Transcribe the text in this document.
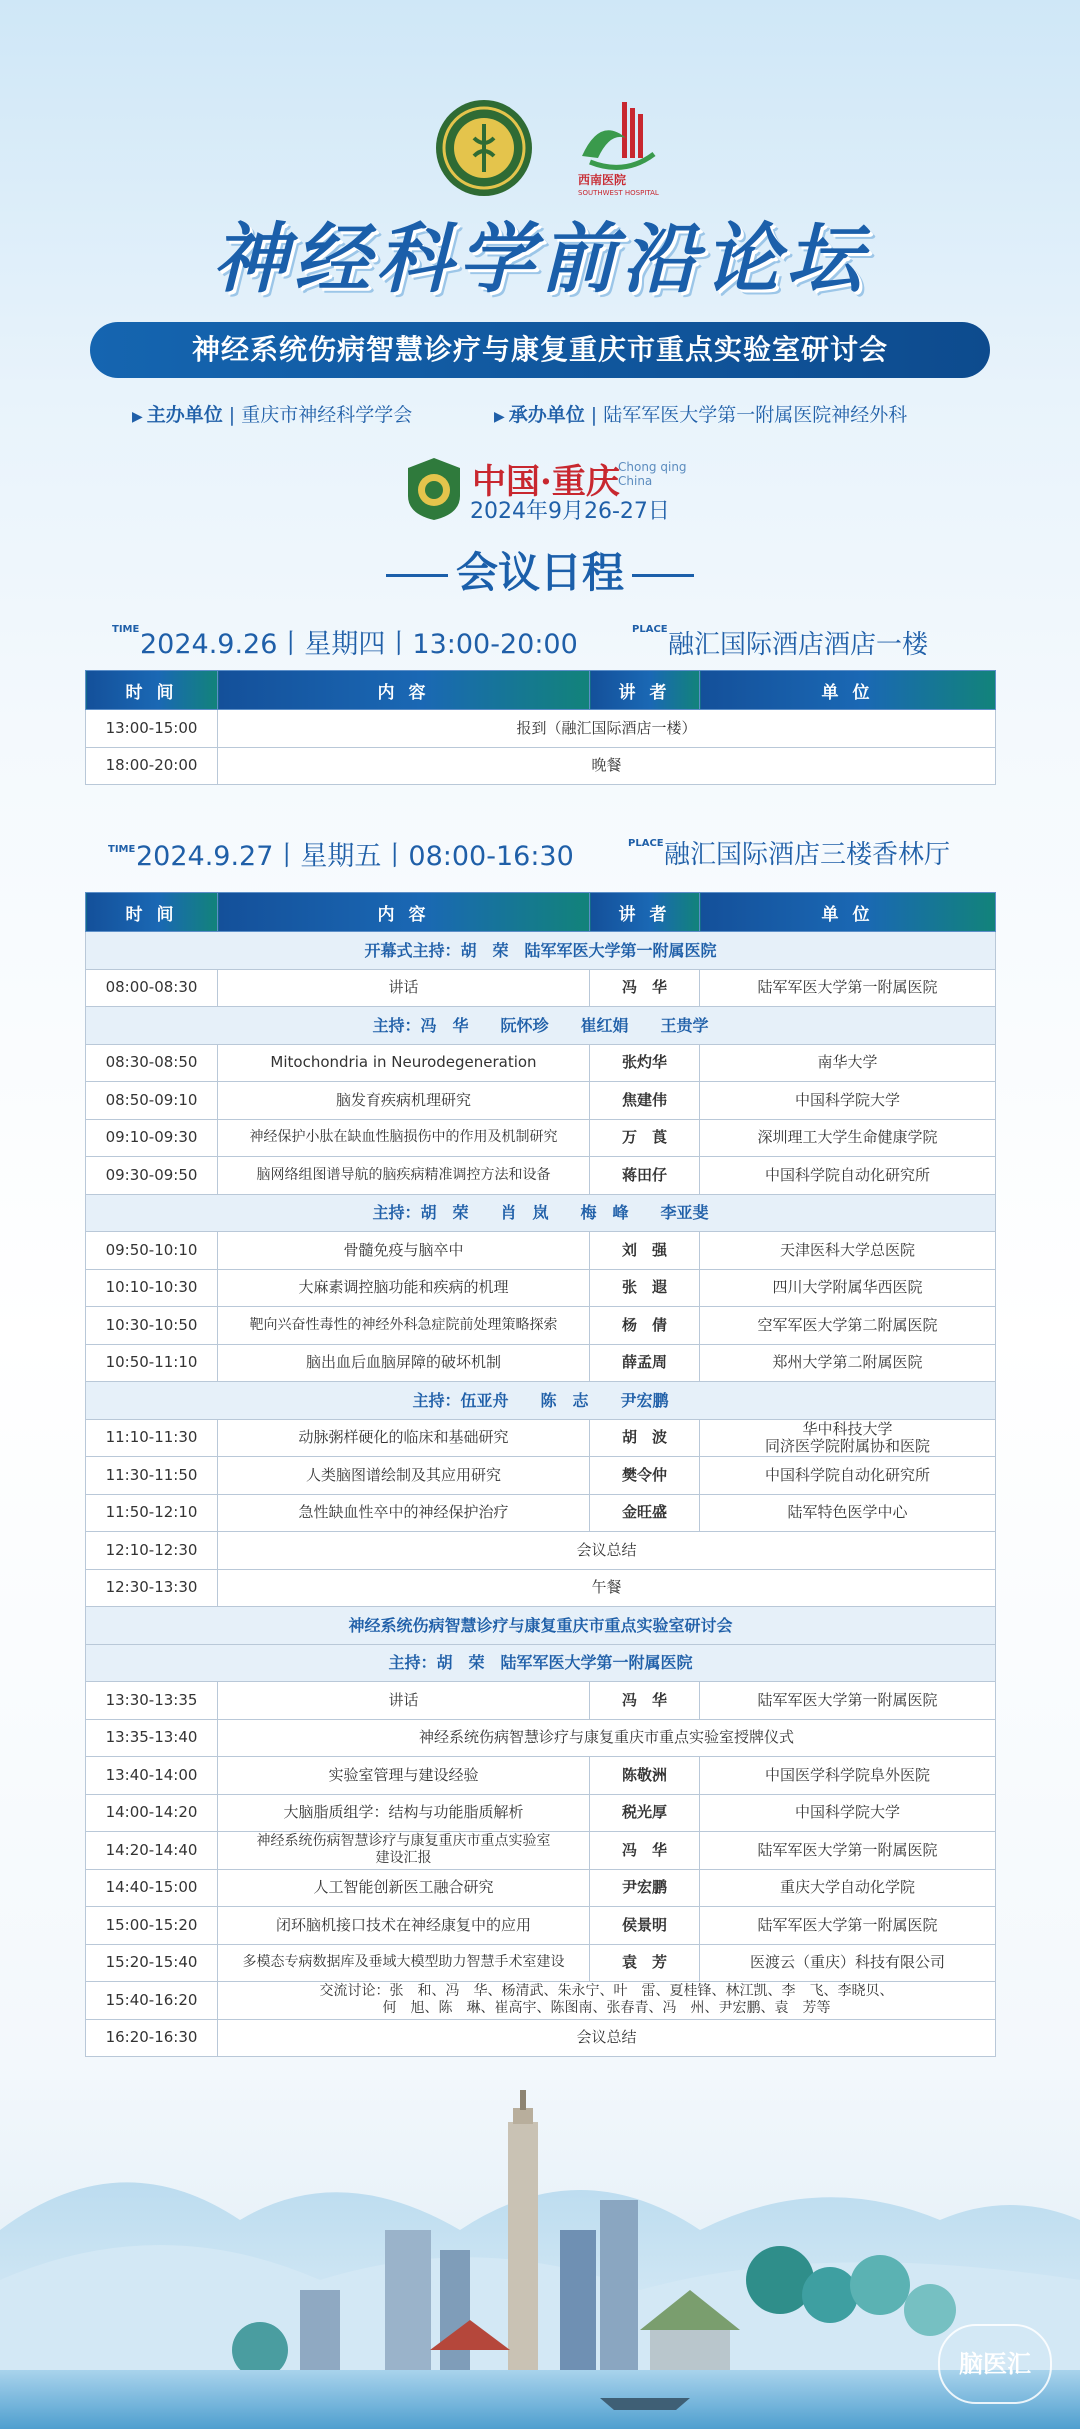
西南医院
SOUTHWEST HOSPITAL
神经科学前沿论坛
神经系统伤病智慧诊疗与康复重庆市重点实验室研讨会
▶ 主办单位 | 重庆市神经科学学会	▶ 承办单位 | 陆军军医大学第一附属医院神经外科
中国·重庆
Chong qing
China
2024年9月26-27日
会议日程
TIME 2024.9.26丨星期四丨13:00-20:00	PLACE
融汇国际酒店酒店一楼
时 间	内 容	讲 者	单 位
13:00-15:00	报到（融汇国际酒店一楼）		
18:00-20:00	晚餐		
TIME 2024.9.27丨星期五丨08:00-16:30	PLACE 融汇国际酒店三楼香林厅
时 间	内 容	讲 者	单 位
开幕式主持：胡　荣　陆军军医大学第一附属医院			
08:00-08:30	讲话	冯　华	陆军军医大学第一附属医院
主持：冯　华　　阮怀珍　　崔红娟　　王贵学			
08:30-08:50	Mitochondria in Neurodegeneration	张灼华	南华大学
08:50-09:10	脑发育疾病机理研究	焦建伟	中国科学院大学
09:10-09:30	神经保护小肽在缺血性脑损伤中的作用及机制研究	万　莨	深圳理工大学生命健康学院
09:30-09:50	脑网络组图谱导航的脑疾病精准调控方法和设备	蒋田仔	中国科学院自动化研究所
主持：胡　荣　　肖　岚　　梅　峰　　李亚斐			
09:50-10:10	骨髓免疫与脑卒中	刘　强	天津医科大学总医院
10:10-10:30	大麻素调控脑功能和疾病的机理	张　遐	四川大学附属华西医院
10:30-10:50	靶向兴奋性毒性的神经外科急症院前处理策略探索	杨　倩	空军军医大学第二附属医院
10:50-11:10	脑出血后血脑屏障的破坏机制	薛孟周	郑州大学第二附属医院
主持：伍亚舟　　陈　志　　尹宏鹏			
11:10-11:30	动脉粥样硬化的临床和基础研究	胡　波	华中科技大学
同济医学院附属协和医院
11:30-11:50	人类脑图谱绘制及其应用研究	樊令仲	中国科学院自动化研究所
11:50-12:10	急性缺血性卒中的神经保护治疗	金旺盛	陆军特色医学中心
12:10-12:30	会议总结		
12:30-13:30	午餐		
神经系统伤病智慧诊疗与康复重庆市重点实验室研讨会			
主持：胡　荣　陆军军医大学第一附属医院			
13:30-13:35	讲话	冯　华	陆军军医大学第一附属医院
13:35-13:40	神经系统伤病智慧诊疗与康复重庆市重点实验室授牌仪式		
13:40-14:00	实验室管理与建设经验	陈敬洲	中国医学科学院阜外医院
14:00-14:20	大脑脂质组学：结构与功能脂质解析	税光厚	中国科学院大学
14:20-14:40	神经系统伤病智慧诊疗与康复重庆市重点实验室
建设汇报	冯　华	陆军军医大学第一附属医院
14:40-15:00	人工智能创新医工融合研究	尹宏鹏	重庆大学自动化学院
15:00-15:20	闭环脑机接口技术在神经康复中的应用	侯景明	陆军军医大学第一附属医院
15:20-15:40	多模态专病数据库及垂域大模型助力智慧手术室建设	袁　芳	医渡云（重庆）科技有限公司
15:40-16:20	交流讨论：张　和、冯　华、杨清武、朱永宁、叶　雷、夏桂锋、林江凯、李　飞、李晓贝、
何　旭、陈　琳、崔高宇、陈图南、张春青、冯　州、尹宏鹏、袁　芳等		
16:20-16:30	会议总结		
脑医汇
